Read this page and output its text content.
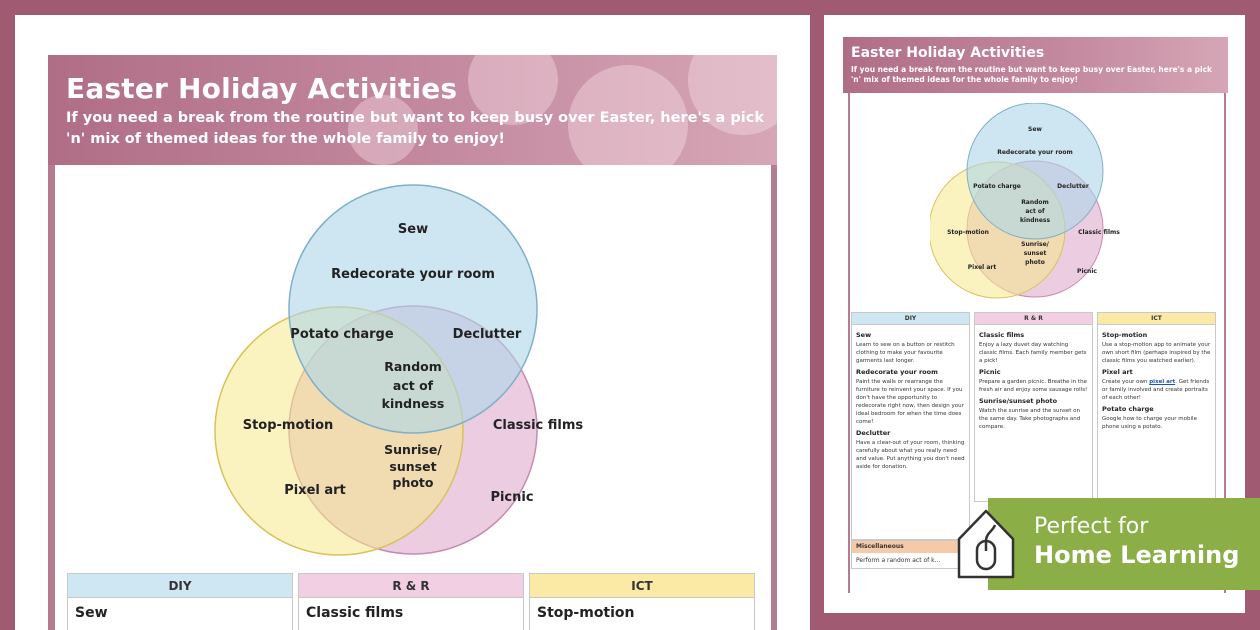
Easter Holiday Activities
If you need a break from the routine but want to keep busy over Easter, here's a pick 'n' mix of themed ideas for the whole family to enjoy!
Sew
Redecorate your room
Potato charge	Declutter
Random
act of
kindness
Sunrise/
sunset
photo
Stop-motion
Pixel art
Classic films
Picnic
DIY
Sew
R & R
Classic films
ICT
Stop-motion
Easter Holiday Activities
If you need a break from the routine but want to keep busy over Easter, here's a pick 'n' mix of themed ideas for the whole family to enjoy!
Sew
Redecorate your room
Potato charge	Declutter
Random
act of
kindness
Sunrise/
sunset
photo
Stop-motion
Pixel art
Classic films
Picnic
DIY
Sew
Learn to sew on a button or restitch clothing to make your favourite garments last longer.
Redecorate your room
Paint the walls or rearrange the furniture to reinvent your space. If you don't have the opportunity to redecorate right now, then design your ideal bedroom for when the time does come!
Declutter
Have a clear-out of your room, thinking carefully about what you really need and value. Put anything you don't need aside for donation.
R & R
Classic films
Enjoy a lazy duvet day watching classic films. Each family member gets a pick!
Picnic
Prepare a garden picnic. Breathe in the fresh air and enjoy some sausage rolls!
Sunrise/sunset photo
Watch the sunrise and the sunset on the same day. Take photographs and compare.
ICT
Stop-motion
Use a stop-motion app to animate your own short film (perhaps inspired by the classic films you watched earlier).
Pixel art
Create your own pixel art. Get friends or family involved and create portraits of each other!
Potato charge
Google how to charge your mobile phone using a potato.
Miscellaneous
Perform a random act of k...
Perfect for
Home Learning
